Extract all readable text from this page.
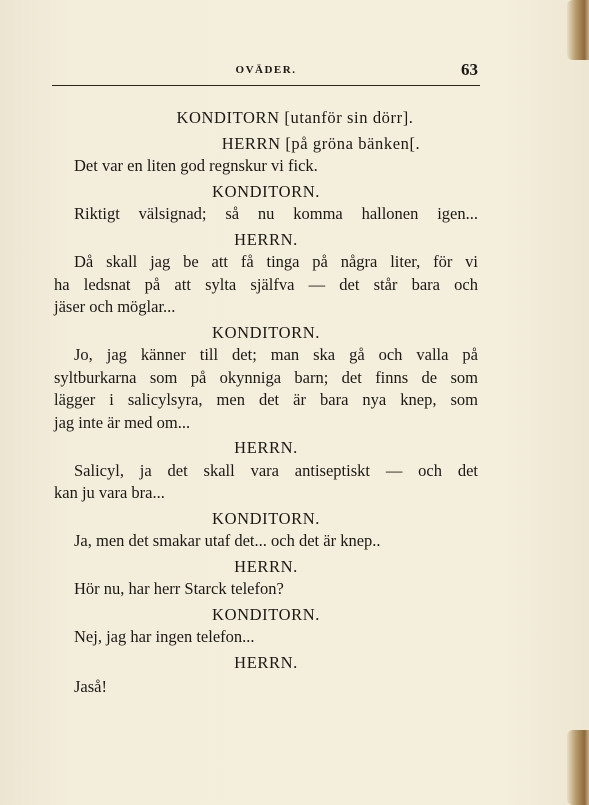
OVÄDER.	63
KONDITORN [utanför sin dörr].
HERRN [på gröna bänken[.
Det var en liten god regnskur vi fick.
KONDITORN.
Riktigt välsignad; så nu komma hallonen igen...
HERRN.
Då skall jag be att få tinga på några liter, för vi
ha ledsnat på att sylta själfva — det står bara och
jäser och möglar...
KONDITORN.
Jo, jag känner till det; man ska gå och valla på
syltburkarna som på okynniga barn; det finns de som
lägger i salicylsyra, men det är bara nya knep, som
jag inte är med om...
HERRN.
Salicyl, ja det skall vara antiseptiskt — och det
kan ju vara bra...
KONDITORN.
Ja, men det smakar utaf det... och det är knep..
HERRN.
Hör nu, har herr Starck telefon?
KONDITORN.
Nej, jag har ingen telefon...
HERRN.
Jaså!
